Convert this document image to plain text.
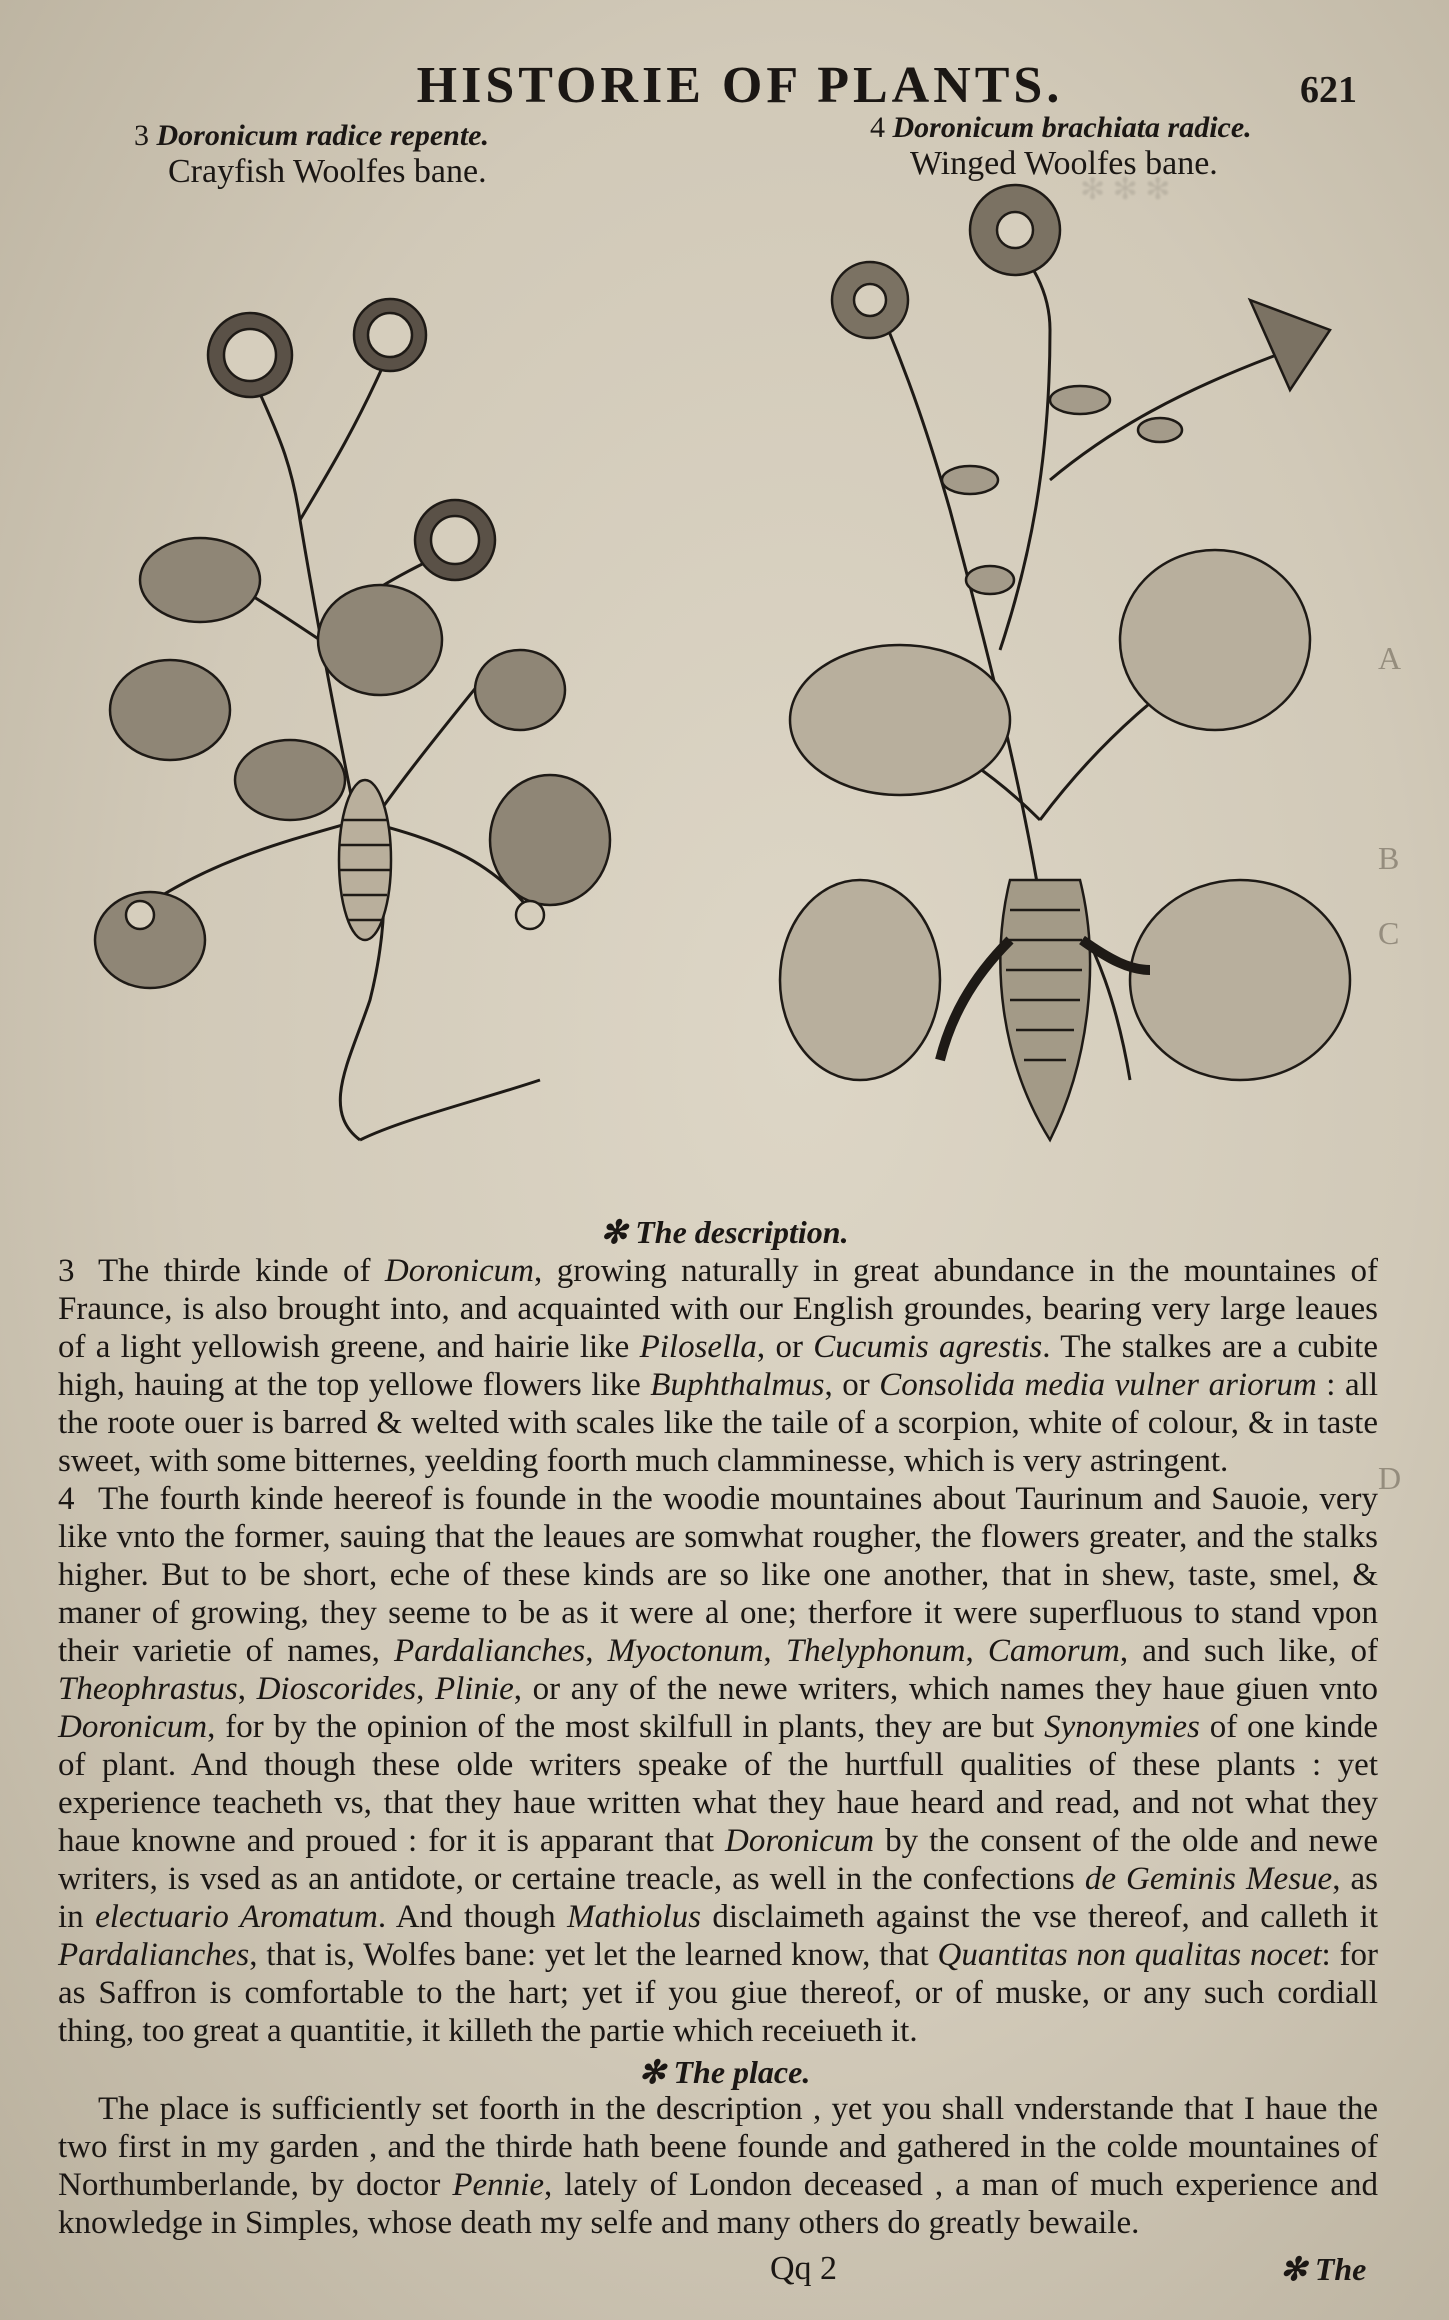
✻ ✻ ✻
HISTORIE OF PLANTS.	621
3 Doronicum radice repente.
Crayfish Woolfes bane.
4 Doronicum brachiata radice.
Winged Woolfes bane.
✻ The description.
3 The thirde kinde of Doronicum, growing naturally in great abundance in the mountaines of Fraunce, is also brought into, and acquainted with our English groundes, bearing very large leaues of a light yellowish greene, and hairie like Pilosella, or Cucumis agrestis. The stalkes are a cubite high, hauing at the top yellowe flowers like Buphthalmus, or Consolida media vulner ariorum : all the roote ouer is barred & welted with scales like the taile of a scorpion, white of colour, & in taste sweet, with some bitternes, yeelding foorth much clamminesse, which is very astringent.
4 The fourth kinde heereof is founde in the woodie mountaines about Taurinum and Sauoie, very like vnto the former, sauing that the leaues are somwhat rougher, the flowers greater, and the stalks higher. But to be short, eche of these kinds are so like one another, that in shew, taste, smel, & maner of growing, they seeme to be as it were al one; therfore it were superfluous to stand vpon their varietie of names, Pardalianches, Myoctonum, Thelyphonum, Camorum, and such like, of Theophrastus, Dioscorides, Plinie, or any of the newe writers, which names they haue giuen vnto Doronicum, for by the opinion of the most skilfull in plants, they are but Synonymies of one kinde of plant. And though these olde writers speake of the hurtfull qualities of these plants : yet experience teacheth vs, that they haue written what they haue heard and read, and not what they haue knowne and proued : for it is apparant that Doronicum by the consent of the olde and newe writers, is vsed as an antidote, or certaine treacle, as well in the confections de Geminis Mesue, as in electuario Aromatum. And though Mathiolus disclaimeth against the vse thereof, and calleth it Pardalianches, that is, Wolfes bane: yet let the learned know, that Quantitas non qualitas nocet: for as Saffron is comfortable to the hart; yet if you giue thereof, or of muske, or any such cordiall thing, too great a quantitie, it killeth the partie which receiueth it.
✻ The place.
The place is sufficiently set foorth in the description , yet you shall vnderstande that I haue the two first in my garden , and the thirde hath beene founde and gathered in the colde mountaines of Northumberlande, by doctor Pennie, lately of London deceased , a man of much experience and knowledge in Simples, whose death my selfe and many others do greatly bewaile.
A
B
C
D
Qq 2	✻ The
